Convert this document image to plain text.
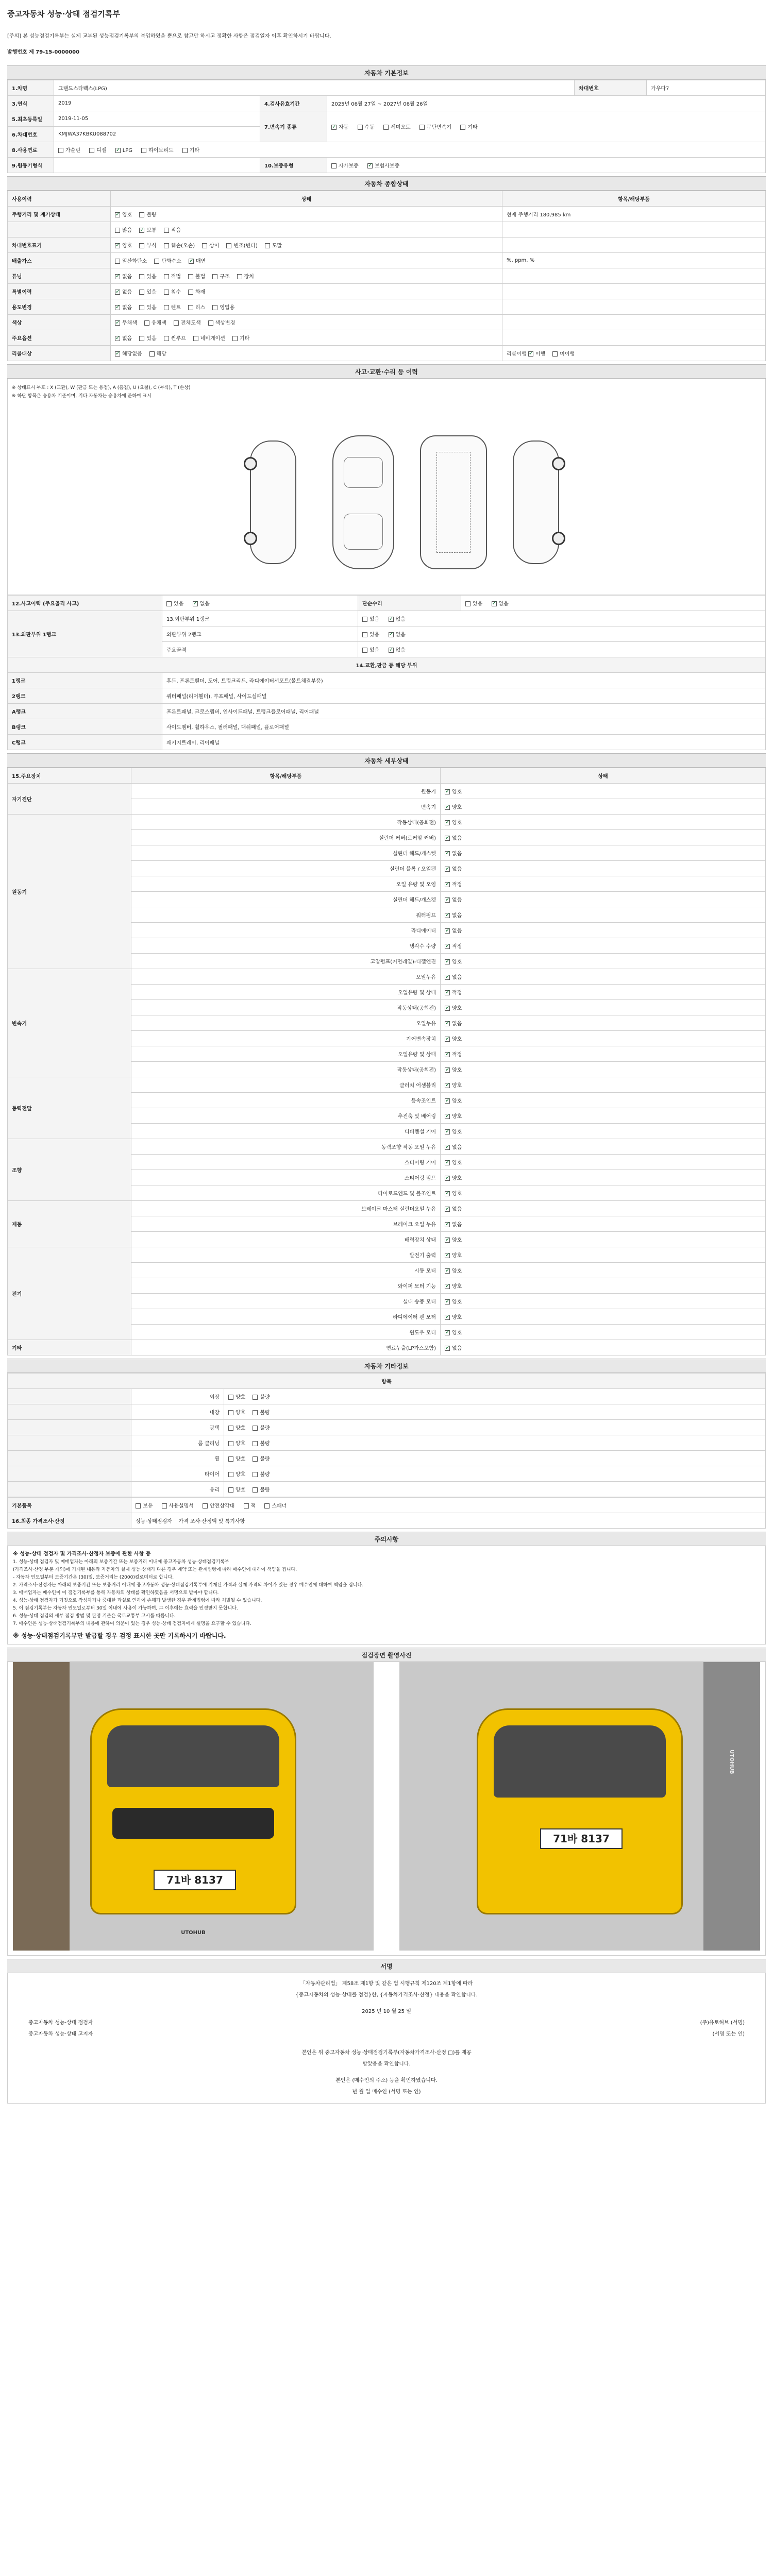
중고자동차 성능·상태 점검기록부
[주의] 본 성능점검기록부는 실제 교부된 성능점검기록부의 복입하였을 뿐으로 참고만 하시고 정확한 사항은 점검일자 이후 확인하시기 바랍니다.
발행번호 제 79-15-0000000
자동차 기본정보
1.차명	그랜드스타렉스(LPG)			차대번호	가우다7
3.연식	2019	4.검사유효기간	2025년 06월 27일 ~ 2027년 06월 26일		
5.최초등록일	2019-11-05	7.변속기 종류	✓자동 수동 세미오토 무단변속기 기타
6.차대번호	KMJWA37KBKU088702				
8.사용연료	가솔린 디젤 ✓ LPG 하이브리드 기타
9.원동기형식		10.보증유형	자가보증 ✓ 보험사보증
자동차 종합상태
사용이력	상태	항목/해당부품
주행거리 및 계기상태	✓양호 불량	현재 주행거리 180,985 km
	많음 ✓ 보통 적음	
차대번호표기	✓양호 부식 훼손(오손) 상이 변조(변타) 도말	
배출가스	일산화탄소 탄화수소 ✓ 매연	%, ppm, %
튜닝	✓없음 있음 적법 불법 구조 장치	
특별이력	✓없음 있음 침수 화재	
용도변경	✓없음 있음 렌트 리스 영업용	
색상	✓무채색 유채색 전체도색 색상변경	
주요옵션	✓없음 있음 썬루프 네비게이션 기타	
리콜대상	✓해당없음 해당	리콜이행 ✓이행 미이행
사고·교환·수리 등 이력
※ 상태표시 부호 : X (교환), W (판금 또는 용접), A (흠집), U (요철), C (부식), T (손상)
※ 하단 항목은 승용차 기준이며, 기타 자동차는 승용차에 준하여 표시
12.사고이력 (주요골격 사고)	있음 ✓ 없음	단순수리	있음 ✓ 없음
13.외판부위 1랭크	13.외판부위 1랭크	있음 ✓ 없음
	외판부위 2랭크	있음 ✓ 없음
	주요골격	있음 ✓ 없음
14.교환,판금 등 해당 부위			
1랭크	후드, 프론트휀더, 도어, 트렁크리드, 라디에이터서포트(볼트체결부품)		
2랭크	쿼터패널(리어휀더), 루프패널, 사이드실패널		
A랭크	프론트패널, 크로스멤버, 인사이드패널, 트렁크플로어패널, 리어패널		
B랭크	사이드멤버, 휠하우스, 필러패널, 대쉬패널, 플로어패널		
C랭크	패키지트레이, 리어패널		
자동차 세부상태
15.주요장치	항목/해당부품	상태
자기진단	원동기	✓양호
	변속기	✓양호
원동기	작동상태(공회전)	✓양호
	실린더 커버(로커암 커버)	✓없음
	실린더 헤드/개스켓	✓없음
	실린더 블록 / 오일팬	✓없음
	오일 유량 및 오염	✓적정
	실린더 헤드/개스켓	✓없음
	워터펌프	✓없음
	라디에이터	✓없음
	냉각수 수량	✓적정
	고압펌프(커먼레일)-디젤엔진	✓양호
변속기	오일누유	✓없음
	오일유량 및 상태	✓적정
	작동상태(공회전)	✓양호
	오일누유	✓없음
	기어변속장치	✓양호
	오일유량 및 상태	✓적정
	작동상태(공회전)	✓양호
동력전달	클러치 어셈블리	✓양호
	등속조인트	✓양호
	추진축 및 베어링	✓양호
	디퍼렌셜 기어	✓양호
조향	동력조향 작동 오일 누유	✓없음
	스티어링 기어	✓양호
	스티어링 펌프	✓양호
	타이로드엔드 및 볼조인트	✓양호
제동	브레이크 마스터 실린더오일 누유	✓없음
	브레이크 오일 누유	✓없음
	배력장치 상태	✓양호
전기	발전기 출력	✓양호
	시동 모터	✓양호
	와이퍼 모터 기능	✓양호
	실내 송풍 모터	✓양호
	라디에이터 팬 모터	✓양호
	윈도우 모터	✓양호
기타	연료누출(LP가스포함)	✓없음
자동차 기타정보
항목		
	외장	양호 불량
	내장	양호 불량
	광택	양호 불량
	룸 클리닝	양호 불량
	휠	양호 불량
	타이어	양호 불량
	유리	양호 불량
기본품목	보유 사용설명서 안전삼각대 잭 스패너
16.최종 가격조사·산정	성능·상태점검자 가격 조사·산정액 및 특기사항
주의사항
※ 성능·상태 점검자 및 가격조사·산정자 보증에 관한 사항 등
1. 성능·상태 점검자 및 매매업자는 아래의 보증기간 또는 보증거리 이내에 중고자동차 성능·상태점검기록부
(가격조사·산정 부분 제외)에 기재된 내용과 자동차의 실제 성능·상태가 다른 경우 계약 또는 관계법령에 따라 매수인에 대하여 책임을 집니다.
- 자동차 인도일부터 보증기간은 (30)일, 보증거리는 (2000)킬로미터로 합니다.
2. 가격조사·산정자는 아래의 보증기간 또는 보증거리 이내에 중고자동차 성능·상태점검기록부에 기재된 가격과 실제 가격의 차이가 있는 경우 매수인에 대하여 책임을 집니다.
3. 매매업자는 매수인이 이 점검기록부를 통해 자동차의 상태를 확인하였음을 서명으로 받아야 합니다.
4. 성능·상태 점검자가 거짓으로 작성하거나 중대한 과실로 인하여 손해가 발생한 경우 관계법령에 따라 처벌될 수 있습니다.
5. 이 점검기록부는 자동차 인도일로부터 30일 이내에 사용이 가능하며, 그 이후에는 효력을 인정받지 못합니다.
6. 성능·상태 점검의 세부 점검 방법 및 판정 기준은 국토교통부 고시를 따릅니다.
7. 매수인은 성능·상태점검기록부의 내용에 관하여 의문이 있는 경우 성능·상태 점검자에게 설명을 요구할 수 있습니다.
※ 성능·상태점검기록부만 발급할 경우 검정 표시한 곳만 기록하시기 바랍니다.
점검장면 촬영사진
71바 8137
UTOHUB
71바 8137
UTOHUB
서명
「자동차관리법」 제58조 제1항 및 같은 법 시행규칙 제120조 제1항에 따라
{중고자동차의 성능·상태를 점검}한, {자동차가격조사·산정} 내용을 확인합니다.
2025 년 10 월 25 일
중고자동차 성능·상태 점검자	(주)유토허브 (서명)
중고자동차 성능·상태 고지자	(서명 또는 인)
본인은 위 중고자동차 성능·상태점검기록부(자동차가격조사·산정 □)를 제공
받았음을 확인합니다.
본인은 (매수인의 주소) 등을 확인하였습니다.
년 월 일 매수인 (서명 또는 인)
